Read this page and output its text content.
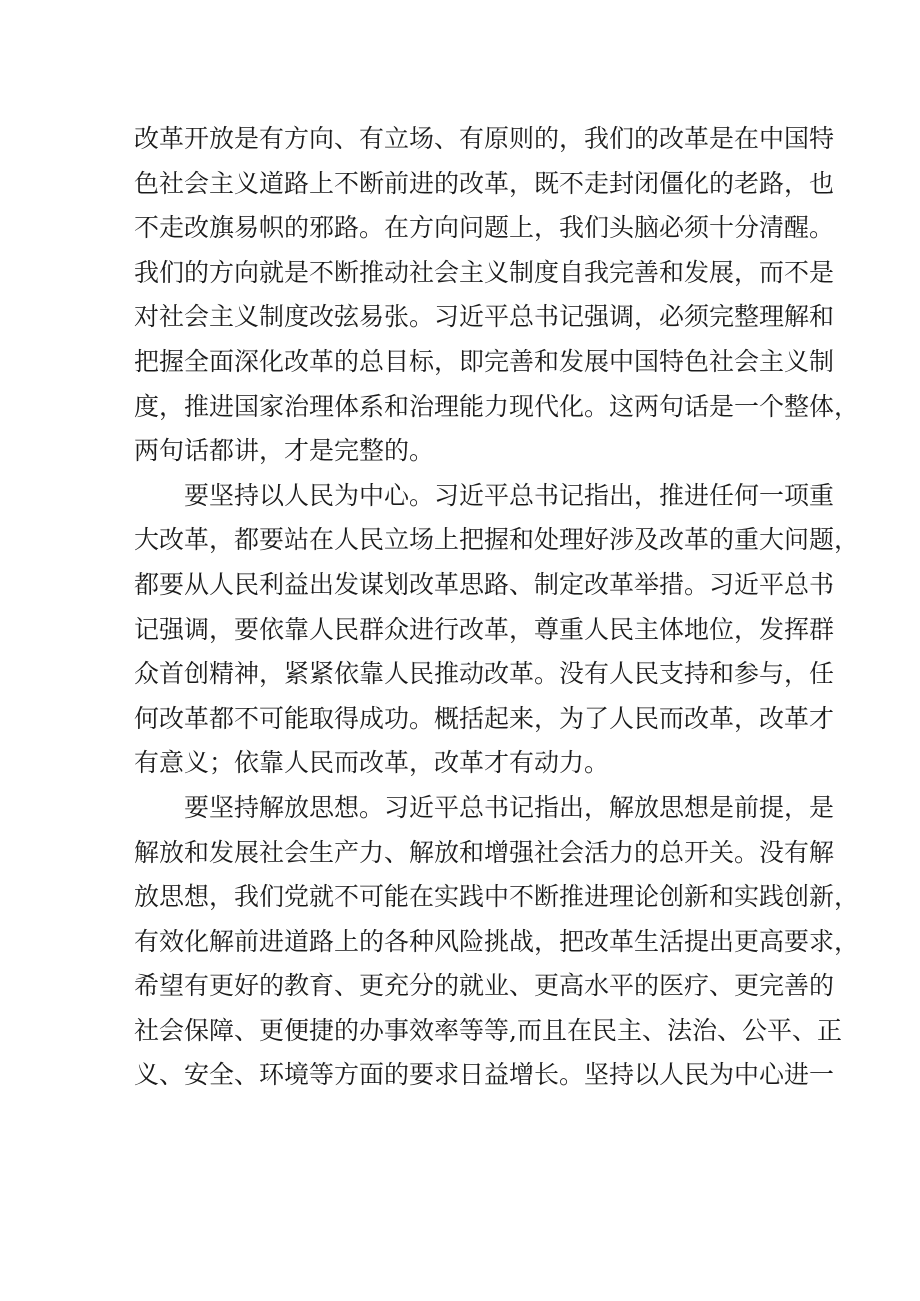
改革开放是有方向、有立场、有原则的，我们的改革是在中国特
色社会主义道路上不断前进的改革，既不走封闭僵化的老路，也
不走改旗易帜的邪路。在方向问题上，我们头脑必须十分清醒。
我们的方向就是不断推动社会主义制度自我完善和发展，而不是
对社会主义制度改弦易张。习近平总书记强调，必须完整理解和
把握全面深化改革的总目标，即完善和发展中国特色社会主义制
度，推进国家治理体系和治理能力现代化。这两句话是一个整体，
两句话都讲，才是完整的。
要坚持以人民为中心。习近平总书记指出，推进任何一项重
大改革，都要站在人民立场上把握和处理好涉及改革的重大问题，
都要从人民利益出发谋划改革思路、制定改革举措。习近平总书
记强调，要依靠人民群众进行改革，尊重人民主体地位，发挥群
众首创精神，紧紧依靠人民推动改革。没有人民支持和参与，任
何改革都不可能取得成功。概括起来，为了人民而改革，改革才
有意义；依靠人民而改革，改革才有动力。
要坚持解放思想。习近平总书记指出，解放思想是前提，是
解放和发展社会生产力、解放和增强社会活力的总开关。没有解
放思想，我们党就不可能在实践中不断推进理论创新和实践创新，
有效化解前进道路上的各种风险挑战，把改革生活提出更高要求，
希望有更好的教育、更充分的就业、更高水平的医疗、更完善的
社会保障、更便捷的办事效率等等,而且在民主、法治、公平、正
义、安全、环境等方面的要求日益增长。坚持以人民为中心进一
